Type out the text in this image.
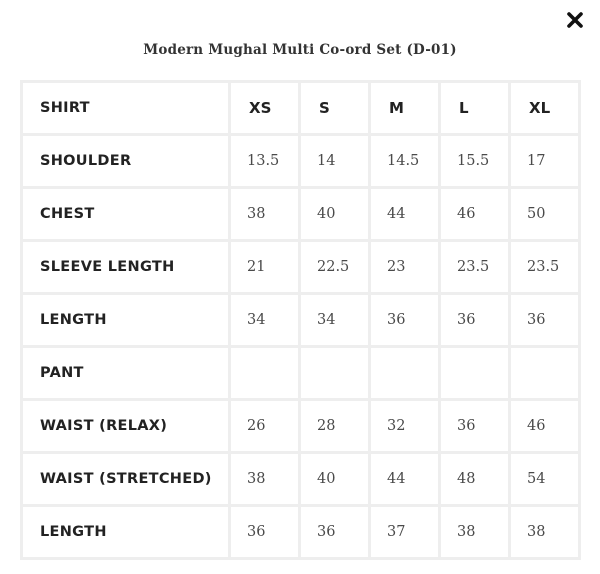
Modern Mughal Multi Co-ord Set (D-01)
SHIRT	XS	S	M	L	XL
SHOULDER	13.5	14	14.5	15.5	17
CHEST	38	40	44	46	50
SLEEVE LENGTH	21	22.5	23	23.5	23.5
LENGTH	34	34	36	36	36
PANT					
WAIST (RELAX)	26	28	32	36	46
WAIST (STRETCHED)	38	40	44	48	54
LENGTH	36	36	37	38	38
